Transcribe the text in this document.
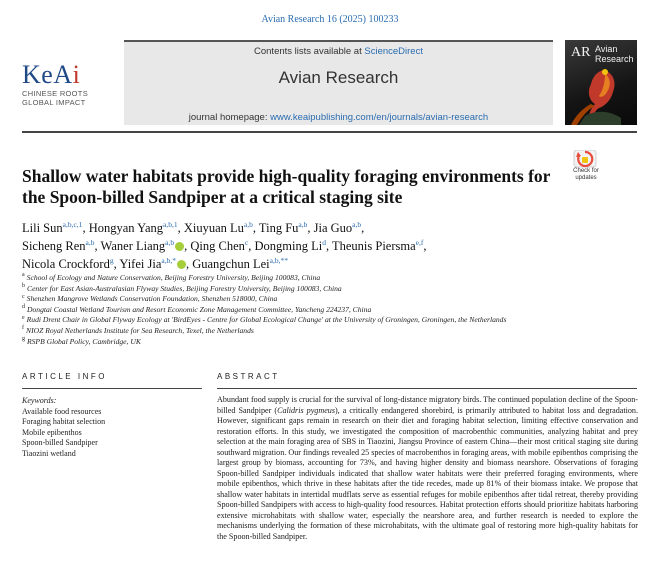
Avian Research 16 (2025) 100233
KeAi
CHINESE ROOTS
GLOBAL IMPACT
Contents lists available at ScienceDirect
Avian Research
journal homepage: www.keaipublishing.com/en/journals/avian-research
AR Avian
Research
Shallow water habitats provide high-quality foraging environments for the Spoon-billed Sandpiper at a critical staging site
Check for
updates
Lili Sun$^{a,b,c,1}$, Hongyan Yang$^{a,b,1}$, Xiuyuan Lu$^{a,b}$, Ting Fu$^{a,b}$, Jia Guo$^{a,b}$,
Sicheng Ren$^{a,b}$, Waner Liang$^{a,b}$ , Qing Chen$^c$, Dongming Li$^d$, Theunis Piersma$^{e,f}$,
Nicola Crockford$^g$, Yifei Jia$^{a,b,*}$ , Guangchun Lei$^{a,b,**}$
$^a$ School of Ecology and Nature Conservation, Beijing Forestry University, Beijing 100083, China
$^b$ Center for East Asian-Australasian Flyway Studies, Beijing Forestry University, Beijing 100083, China
$^c$ Shenzhen Mangrove Wetlands Conservation Foundation, Shenzhen 518000, China
$^d$ Dongtai Coastal Wetland Tourism and Resort Economic Zone Management Committee, Yancheng 224237, China
$^e$ Rudi Drent Chair in Global Flyway Ecology at 'BirdEyes - Centre for Global Ecological Change' at the University of Groningen, Groningen, the Netherlands
$^f$ NIOZ Royal Netherlands Institute for Sea Research, Texel, the Netherlands
$^g$ RSPB Global Policy, Cambridge, UK
ARTICLE INFO
Keywords:
Available food resources
Foraging habitat selection
Mobile epibenthos
Spoon-billed Sandpiper
Tiaozini wetland
ABSTRACT
Abundant food supply is crucial for the survival of long-distance migratory birds. The continued population decline of the Spoon-billed Sandpiper (Calidris pygmeus), a critically endangered shorebird, is primarily attributed to habitat loss and degradation. However, significant gaps remain in research on their diet and foraging habitat selection, limiting effective conservation and restoration efforts. In this study, we investigated the composition of macrobenthic communities, analyzing habitat and prey selection at the main foraging area of SBS in Tiaozini, Jiangsu Province of eastern China—their most critical staging site during southward migration. Our findings revealed 25 species of macrobenthos in foraging areas, with mobile epibenthos comprising the largest group by biomass, accounting for 73%, and having higher density and biomass nearshore. Observations of foraging Spoon-billed Sandpiper individuals indicated that shallow water habitats were their preferred foraging environments, where mobile epibenthos, which thrive in these habitats after the tide recedes, made up 81% of their biomass intake. We propose that shallow water habitats in intertidal mudflats serve as essential refuges for mobile epibenthos after tidal retreat, thereby providing Spoon-billed Sandpipers with access to high-quality food resources. Habitat protection efforts should prioritize habitats harboring extensive microhabitats with shallow water, especially the nearshore area, and further research is needed to explore the mechanisms underlying the formation of these microhabitats, with the ultimate goal of restoring more high-quality habitats for the Spoon-billed Sandpiper.
